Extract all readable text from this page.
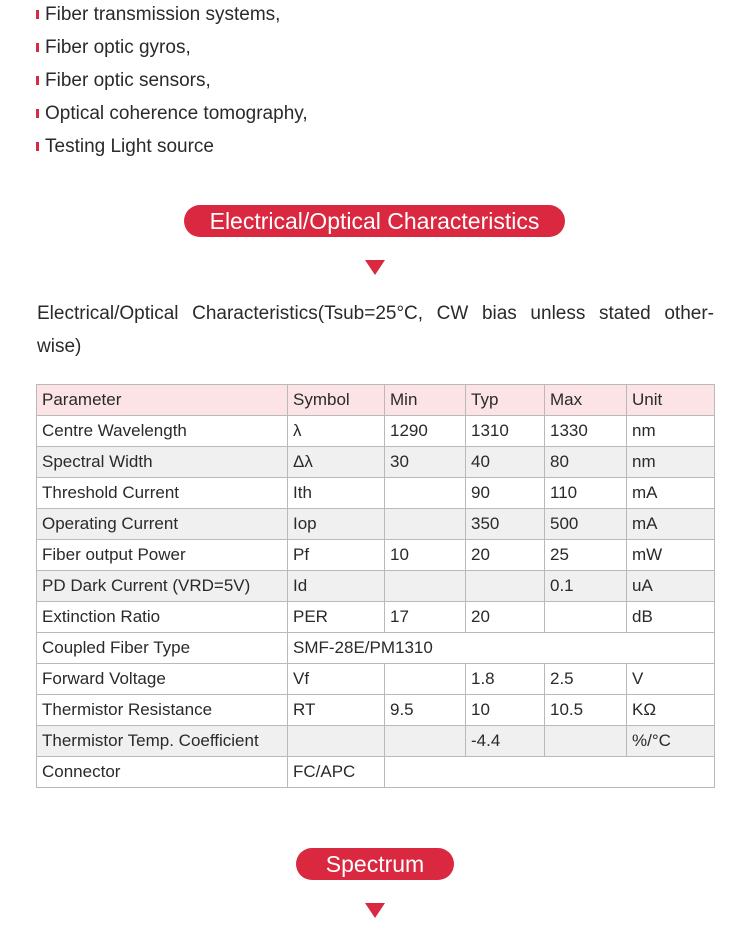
Fiber transmission systems,
Fiber optic gyros,
Fiber optic sensors,
Optical coherence tomography,
Testing Light source
Electrical/Optical Characteristics
Electrical/Optical Characteristics(Tsub=25°C, CW bias unless stated other-wise)
Parameter	Symbol	Min	Typ	Max	Unit
Centre Wavelength	λ	1290	1310	1330	nm
Spectral Width	Δλ	30	40	80	nm
Threshold Current	Ith		90	110	mA
Operating Current	Iop		350	500	mA
Fiber output Power	Pf	10	20	25	mW
PD Dark Current (VRD=5V)	Id			0.1	uA
Extinction Ratio	PER	17	20		dB
Coupled Fiber Type	SMF-28E/PM1310				
Forward Voltage	Vf		1.8	2.5	V
Thermistor Resistance	RT	9.5	10	10.5	KΩ
Thermistor Temp. Coefficient			-4.4		%/°C
Connector	FC/APC				
Spectrum
